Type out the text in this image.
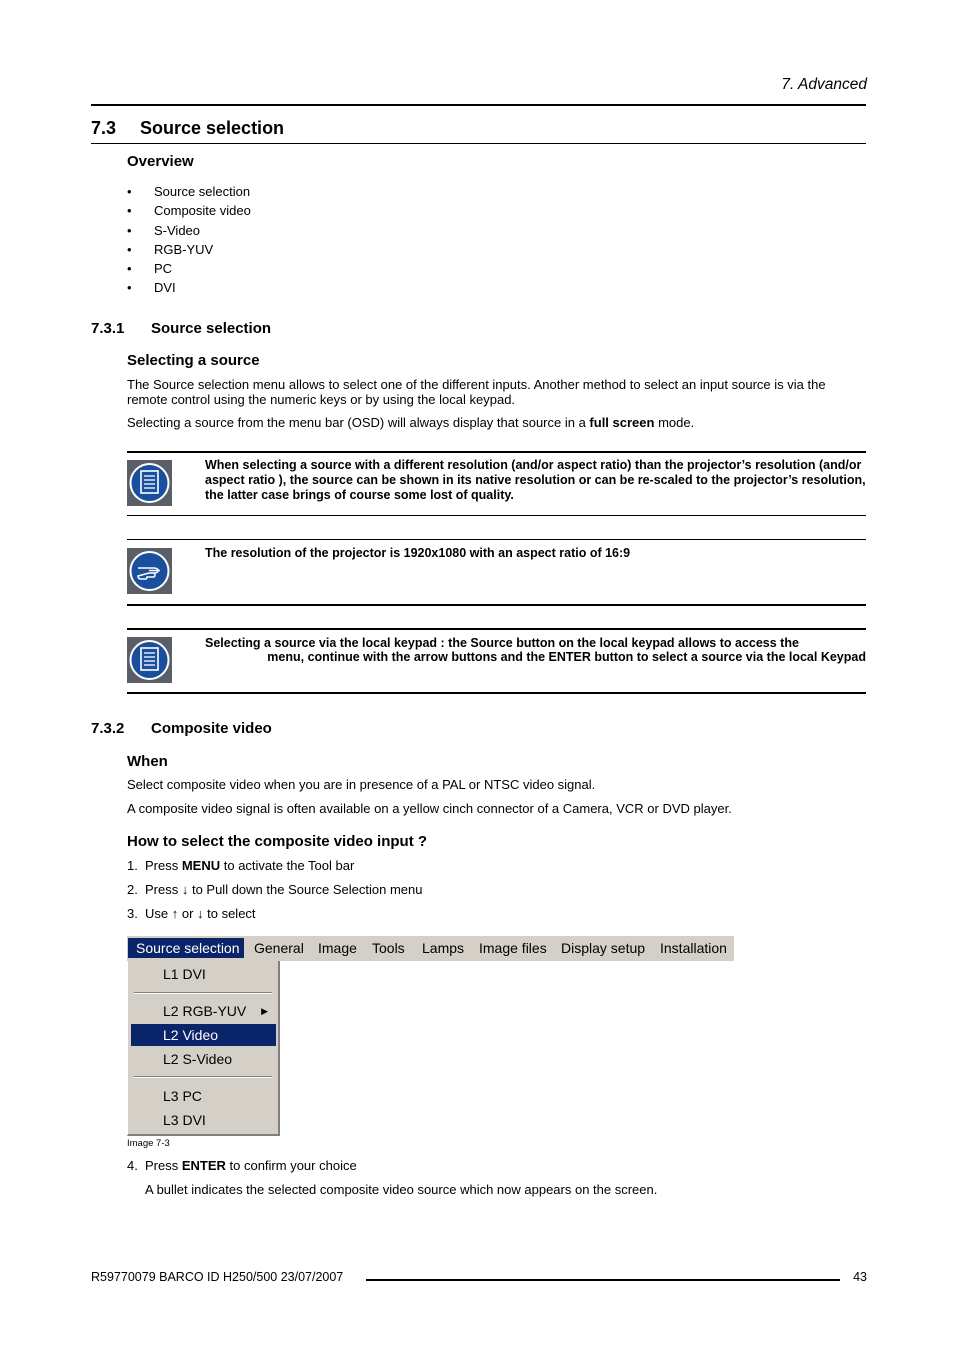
7. Advanced
7.3 Source selection
Overview
• Source selection
• Composite video
• S-Video
• RGB-YUV
• PC
• DVI
7.3.1 Source selection
Selecting a source
The Source selection menu allows to select one of the different inputs. Another method to select an input source is via the remote control using the numeric keys or by using the local keypad.
Selecting a source from the menu bar (OSD) will always display that source in a full screen mode.
When selecting a source with a different resolution (and/or aspect ratio) than the projector’s resolution (and/or aspect ratio ), the source can be shown in its native resolution or can be re-scaled to the projector’s resolution, the latter case brings of course some lost of quality.
The resolution of the projector is 1920x1080 with an aspect ratio of 16:9
Selecting a source via the local keypad : the Source button on the local keypad allows to access the
menu, continue with the arrow buttons and the ENTER button to select a source via the local Keypad
7.3.2 Composite video
When
Select composite video when you are in presence of a PAL or NTSC video signal.
A composite video signal is often available on a yellow cinch connector of a Camera, VCR or DVD player.
How to select the composite video input ?
1. Press MENU to activate the Tool bar
2. Press ↓ to Pull down the Source Selection menu
3. Use ↑ or ↓ to select
Source selection General Image Tools Lamps Image files Display setup Installation
L1 DVI
L2 RGB-YUV ▶
L2 Video
L2 S-Video
L3 PC
L3 DVI
Image 7-3
4. Press ENTER to confirm your choice
A bullet indicates the selected composite video source which now appears on the screen.
R59770079 BARCO ID H250/500 23/07/2007	43
